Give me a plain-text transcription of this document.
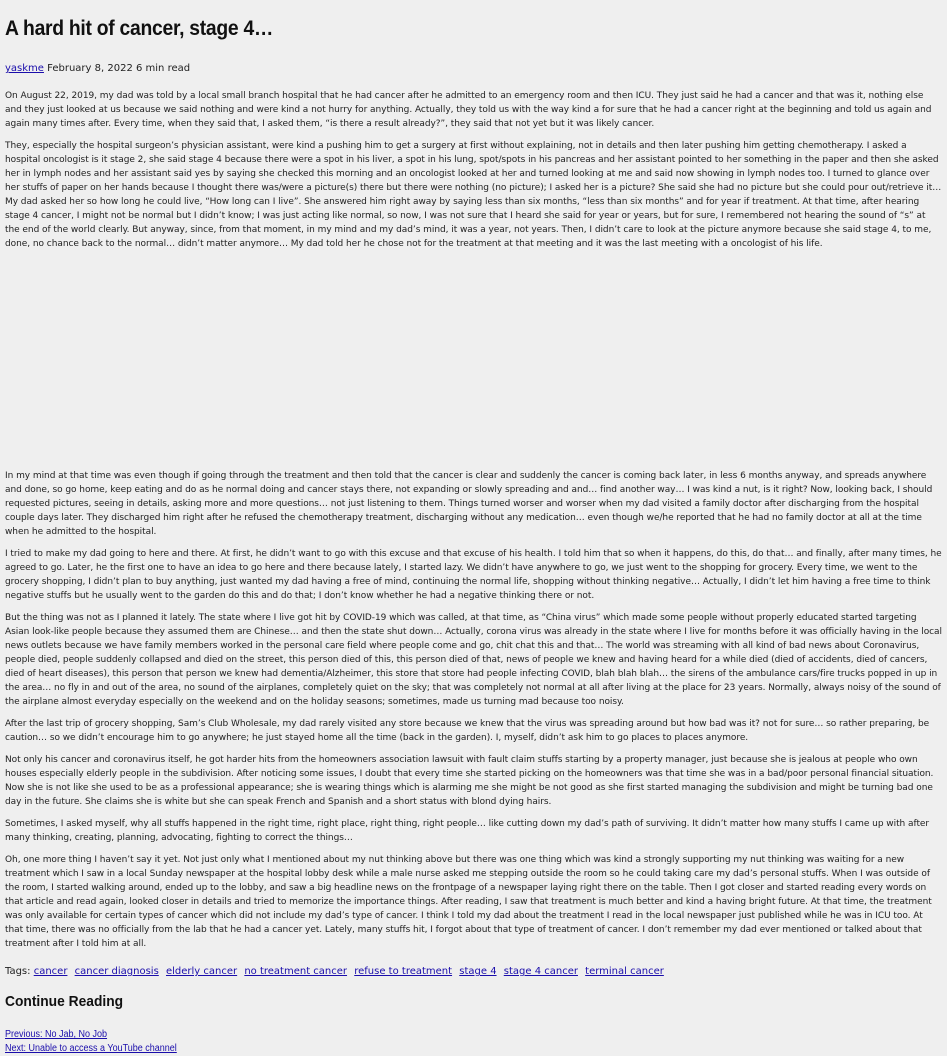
A hard hit of cancer, stage 4…
yaskme February 8, 2022 6 min read

On August 22, 2019, my dad was told by a local small branch hospital that he had cancer after he admitted to an emergency room and then ICU. They just said he had a cancer and that was it, nothing else and they just looked at us because we said nothing and were kind a not hurry for anything. Actually, they told us with the way kind a for sure that he had a cancer right at the beginning and told us again and again many times after. Every time, when they said that, I asked them, “is there a result already?”, they said that not yet but it was likely cancer.

They, especially the hospital surgeon’s physician assistant, were kind a pushing him to get a surgery at first without explaining, not in details and then later pushing him getting chemotherapy. I asked a hospital oncologist is it stage 2, she said stage 4 because there were a spot in his liver, a spot in his lung, spot/spots in his pancreas and her assistant pointed to her something in the paper and then she asked her in lymph nodes and her assistant said yes by saying she checked this morning and an oncologist looked at her and turned looking at me and said now showing in lymph nodes too. I turned to glance over her stuffs of paper on her hands because I thought there was/were a picture(s) there but there were nothing (no picture); I asked her is a picture? She said she had no picture but she could pour out/retrieve it… My dad asked her so how long he could live, “How long can I live”. She answered him right away by saying less than six months, “less than six months” and for year if treatment. At that time, after hearing stage 4 cancer, I might not be normal but I didn’t know; I was just acting like normal, so now, I was not sure that I heard she said for year or years, but for sure, I remembered not hearing the sound of “s” at the end of the world clearly. But anyway, since, from that moment, in my mind and my dad’s mind, it was a year, not years. Then, I didn’t care to look at the picture anymore because she said stage 4, to me, done, no chance back to the normal… didn’t matter anymore… My dad told her he chose not for the treatment at that meeting and it was the last meeting with a oncologist of his life.

In my mind at that time was even though if going through the treatment and then told that the cancer is clear and suddenly the cancer is coming back later, in less 6 months anyway, and spreads anywhere and done, so go home, keep eating and do as he normal doing and cancer stays there, not expanding or slowly spreading and and… find another way… I was kind a nut, is it right? Now, looking back, I should requested pictures, seeing in details, asking more and more questions… not just listening to them. Things turned worser and worser when my dad visited a family doctor after discharging from the hospital couple days later. They discharged him right after he refused the chemotherapy treatment, discharging without any medication… even though we/he reported that he had no family doctor at all at the time when he admitted to the hospital.

I tried to make my dad going to here and there. At first, he didn’t want to go with this excuse and that excuse of his health. I told him that so when it happens, do this, do that… and finally, after many times, he agreed to go. Later, he the first one to have an idea to go here and there because lately, I started lazy. We didn’t have anywhere to go, we just went to the shopping for grocery. Every time, we went to the grocery shopping, I didn’t plan to buy anything, just wanted my dad having a free of mind, continuing the normal life, shopping without thinking negative… Actually, I didn’t let him having a free time to think negative stuffs but he usually went to the garden do this and do that; I don’t know whether he had a negative thinking there or not.

But the thing was not as I planned it lately. The state where I live got hit by COVID-19 which was called, at that time, as “China virus” which made some people without properly educated started targeting Asian look-like people because they assumed them are Chinese… and then the state shut down… Actually, corona virus was already in the state where I live for months before it was officially having in the local news outlets because we have family members worked in the personal care field where people come and go, chit chat this and that… The world was streaming with all kind of bad news about Coronavirus, people died, people suddenly collapsed and died on the street, this person died of this, this person died of that, news of people we knew and having heard for a while died (died of accidents, died of cancers, died of heart diseases), this person that person we knew had dementia/Alzheimer, this store that store had people infecting COVID, blah blah blah… the sirens of the ambulance cars/fire trucks popped in up in the area… no fly in and out of the area, no sound of the airplanes, completely quiet on the sky; that was completely not normal at all after living at the place for 23 years. Normally, always noisy of the sound of the airplane almost everyday especially on the weekend and on the holiday seasons; sometimes, made us turning mad because too noisy.

After the last trip of grocery shopping, Sam’s Club Wholesale, my dad rarely visited any store because we knew that the virus was spreading around but how bad was it? not for sure… so rather preparing, be caution… so we didn’t encourage him to go anywhere; he just stayed home all the time (back in the garden). I, myself, didn’t ask him to go places to places anymore.

Not only his cancer and coronavirus itself, he got harder hits from the homeowners association lawsuit with fault claim stuffs starting by a property manager, just because she is jealous at people who own houses especially elderly people in the subdivision. After noticing some issues, I doubt that every time she started picking on the homeowners was that time she was in a bad/poor personal financial situation. Now she is not like she used to be as a professional appearance; she is wearing things which is alarming me she might be not good as she first started managing the subdivision and might be turning bad one day in the future. She claims she is white but she can speak French and Spanish and a short status with blond dying hairs.

Sometimes, I asked myself, why all stuffs happened in the right time, right place, right thing, right people… like cutting down my dad’s path of surviving. It didn’t matter how many stuffs I came up with after many thinking, creating, planning, advocating, fighting to correct the things…

Oh, one more thing I haven’t say it yet. Not just only what I mentioned about my nut thinking above but there was one thing which was kind a strongly supporting my nut thinking was waiting for a new treatment which I saw in a local Sunday newspaper at the hospital lobby desk while a male nurse asked me stepping outside the room so he could taking care my dad’s personal stuffs. When I was outside of the room, I started walking around, ended up to the lobby, and saw a big headline news on the frontpage of a newspaper laying right there on the table. Then I got closer and started reading every words on that article and read again, looked closer in details and tried to memorize the importance things. After reading, I saw that treatment is much better and kind a having bright future. At that time, the treatment was only available for certain types of cancer which did not include my dad’s type of cancer. I think I told my dad about the treatment I read in the local newspaper just published while he was in ICU too. At that time, there was no officially from the lab that he had a cancer yet. Lately, many stuffs hit, I forgot about that type of treatment of cancer. I don’t remember my dad ever mentioned or talked about that treatment after I told him at all.

Tags: cancer cancer diagnosis elderly cancer no treatment cancer refuse to treatment stage 4 stage 4 cancer terminal cancer
Continue Reading
Previous: No Jab, No Job
Next: Unable to access a YouTube channel
